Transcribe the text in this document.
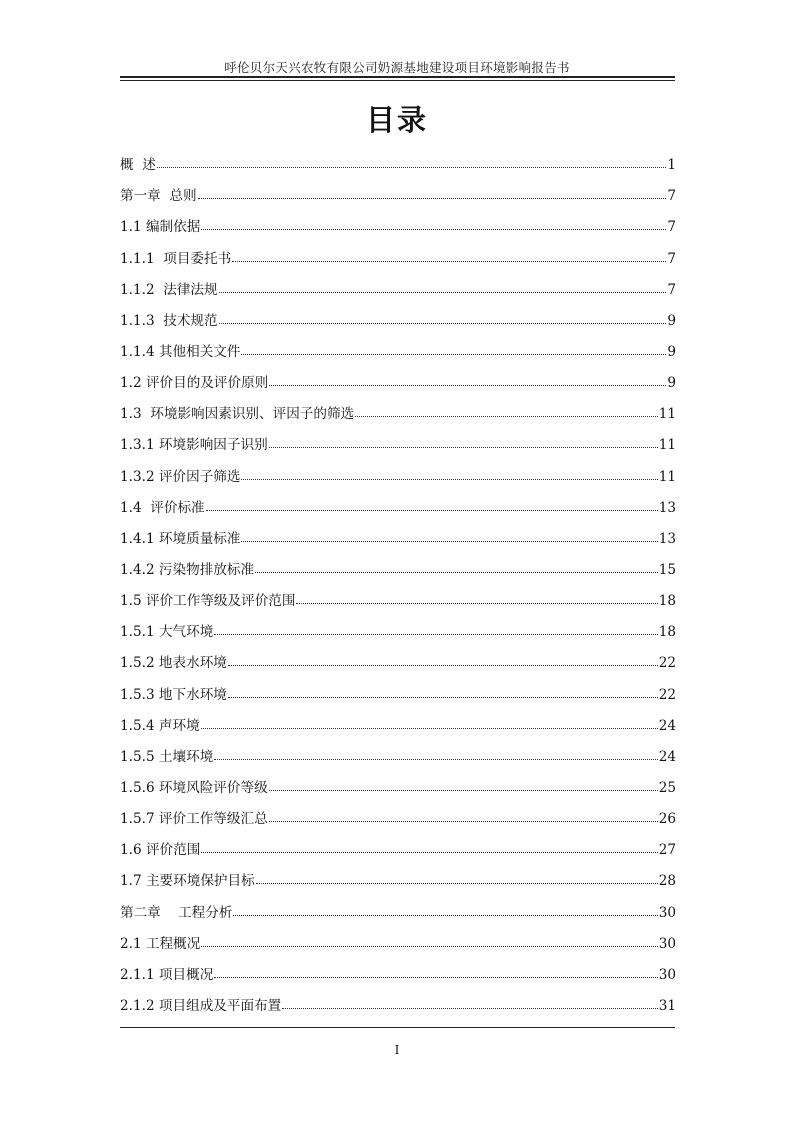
呼伦贝尔天兴农牧有限公司奶源基地建设项目环境影响报告书
目录
概  述	1
第一章  总则	7
1.1 编制依据	7
1.1.1  项目委托书	7
1.1.2  法律法规	7
1.1.3  技术规范	9
1.1.4 其他相关文件	9
1.2 评价目的及评价原则	9
1.3  环境影响因素识别、评因子的筛选	11
1.3.1 环境影响因子识别	11
1.3.2 评价因子筛选	11
1.4  评价标准	13
1.4.1 环境质量标准	13
1.4.2 污染物排放标准	15
1.5 评价工作等级及评价范围	18
1.5.1 大气环境	18
1.5.2 地表水环境	22
1.5.3 地下水环境	22
1.5.4 声环境	24
1.5.5 土壤环境	24
1.5.6 环境风险评价等级	25
1.5.7 评价工作等级汇总	26
1.6 评价范围	27
1.7 主要环境保护目标	28
第二章    工程分析	30
2.1 工程概况	30
2.1.1 项目概况	30
2.1.2 项目组成及平面布置	31
I
